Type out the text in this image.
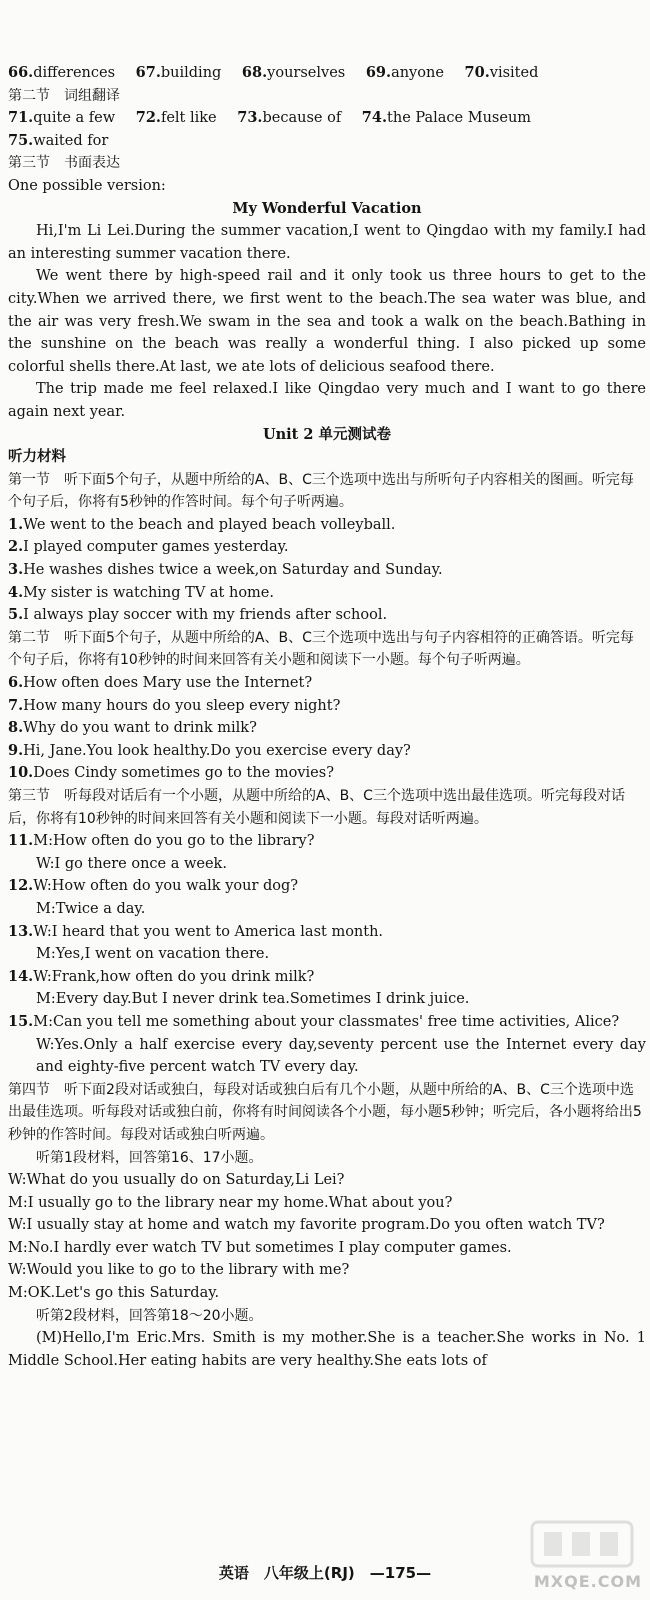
66.differences 67.building 68.yourselves 69.anyone 70.visited
第二节　词组翻译
71.quite a few 72.felt like 73.because of 74.the Palace Museum
75.waited for
第三节　书面表达
One possible version:
My Wonderful Vacation
Hi,I'm Li Lei.During the summer vacation,I went to Qingdao with my family.I had an interesting summer vacation there.
We went there by high-speed rail and it only took us three hours to get to the city.When we arrived there, we first went to the beach.The sea water was blue, and the air was very fresh.We swam in the sea and took a walk on the beach.Bathing in the sunshine on the beach was really a wonderful thing. I also picked up some colorful shells there.At last, we ate lots of delicious seafood there.
The trip made me feel relaxed.I like Qingdao very much and I want to go there again next year.
Unit 2 单元测试卷
听力材料
第一节　听下面5个句子，从题中所给的A、B、C三个选项中选出与所听句子内容相关的图画。听完每个句子后，你将有5秒钟的作答时间。每个句子听两遍。
1.We went to the beach and played beach volleyball.
2.I played computer games yesterday.
3.He washes dishes twice a week,on Saturday and Sunday.
4.My sister is watching TV at home.
5.I always play soccer with my friends after school.
第二节　听下面5个句子，从题中所给的A、B、C三个选项中选出与句子内容相符的正确答语。听完每个句子后，你将有10秒钟的时间来回答有关小题和阅读下一小题。每个句子听两遍。
6.How often does Mary use the Internet?
7.How many hours do you sleep every night?
8.Why do you want to drink milk?
9.Hi, Jane.You look healthy.Do you exercise every day?
10.Does Cindy sometimes go to the movies?
第三节　听每段对话后有一个小题，从题中所给的A、B、C三个选项中选出最佳选项。听完每段对话后，你将有10秒钟的时间来回答有关小题和阅读下一小题。每段对话听两遍。
11.M:How often do you go to the library?
W:I go there once a week.
12.W:How often do you walk your dog?
M:Twice a day.
13.W:I heard that you went to America last month.
M:Yes,I went on vacation there.
14.W:Frank,how often do you drink milk?
M:Every day.But I never drink tea.Sometimes I drink juice.
15.M:Can you tell me something about your classmates' free time activities, Alice?
W:Yes.Only a half exercise every day,seventy percent use the Internet every day and eighty-five percent watch TV every day.
第四节　听下面2段对话或独白，每段对话或独白后有几个小题，从题中所给的A、B、C三个选项中选出最佳选项。听每段对话或独白前，你将有时间阅读各个小题，每小题5秒钟；听完后，各小题将给出5秒钟的作答时间。每段对话或独白听两遍。
听第1段材料，回答第16、17小题。
W:What do you usually do on Saturday,Li Lei?
M:I usually go to the library near my home.What about you?
W:I usually stay at home and watch my favorite program.Do you often watch TV?
M:No.I hardly ever watch TV but sometimes I play computer games.
W:Would you like to go to the library with me?
M:OK.Let's go this Saturday.
听第2段材料，回答第18～20小题。
(M)Hello,I'm Eric.Mrs. Smith is my mother.She is a teacher.She works in No. 1 Middle School.Her eating habits are very healthy.She eats lots of
英语　八年级上(RJ)　—175—	MXQE.COM
